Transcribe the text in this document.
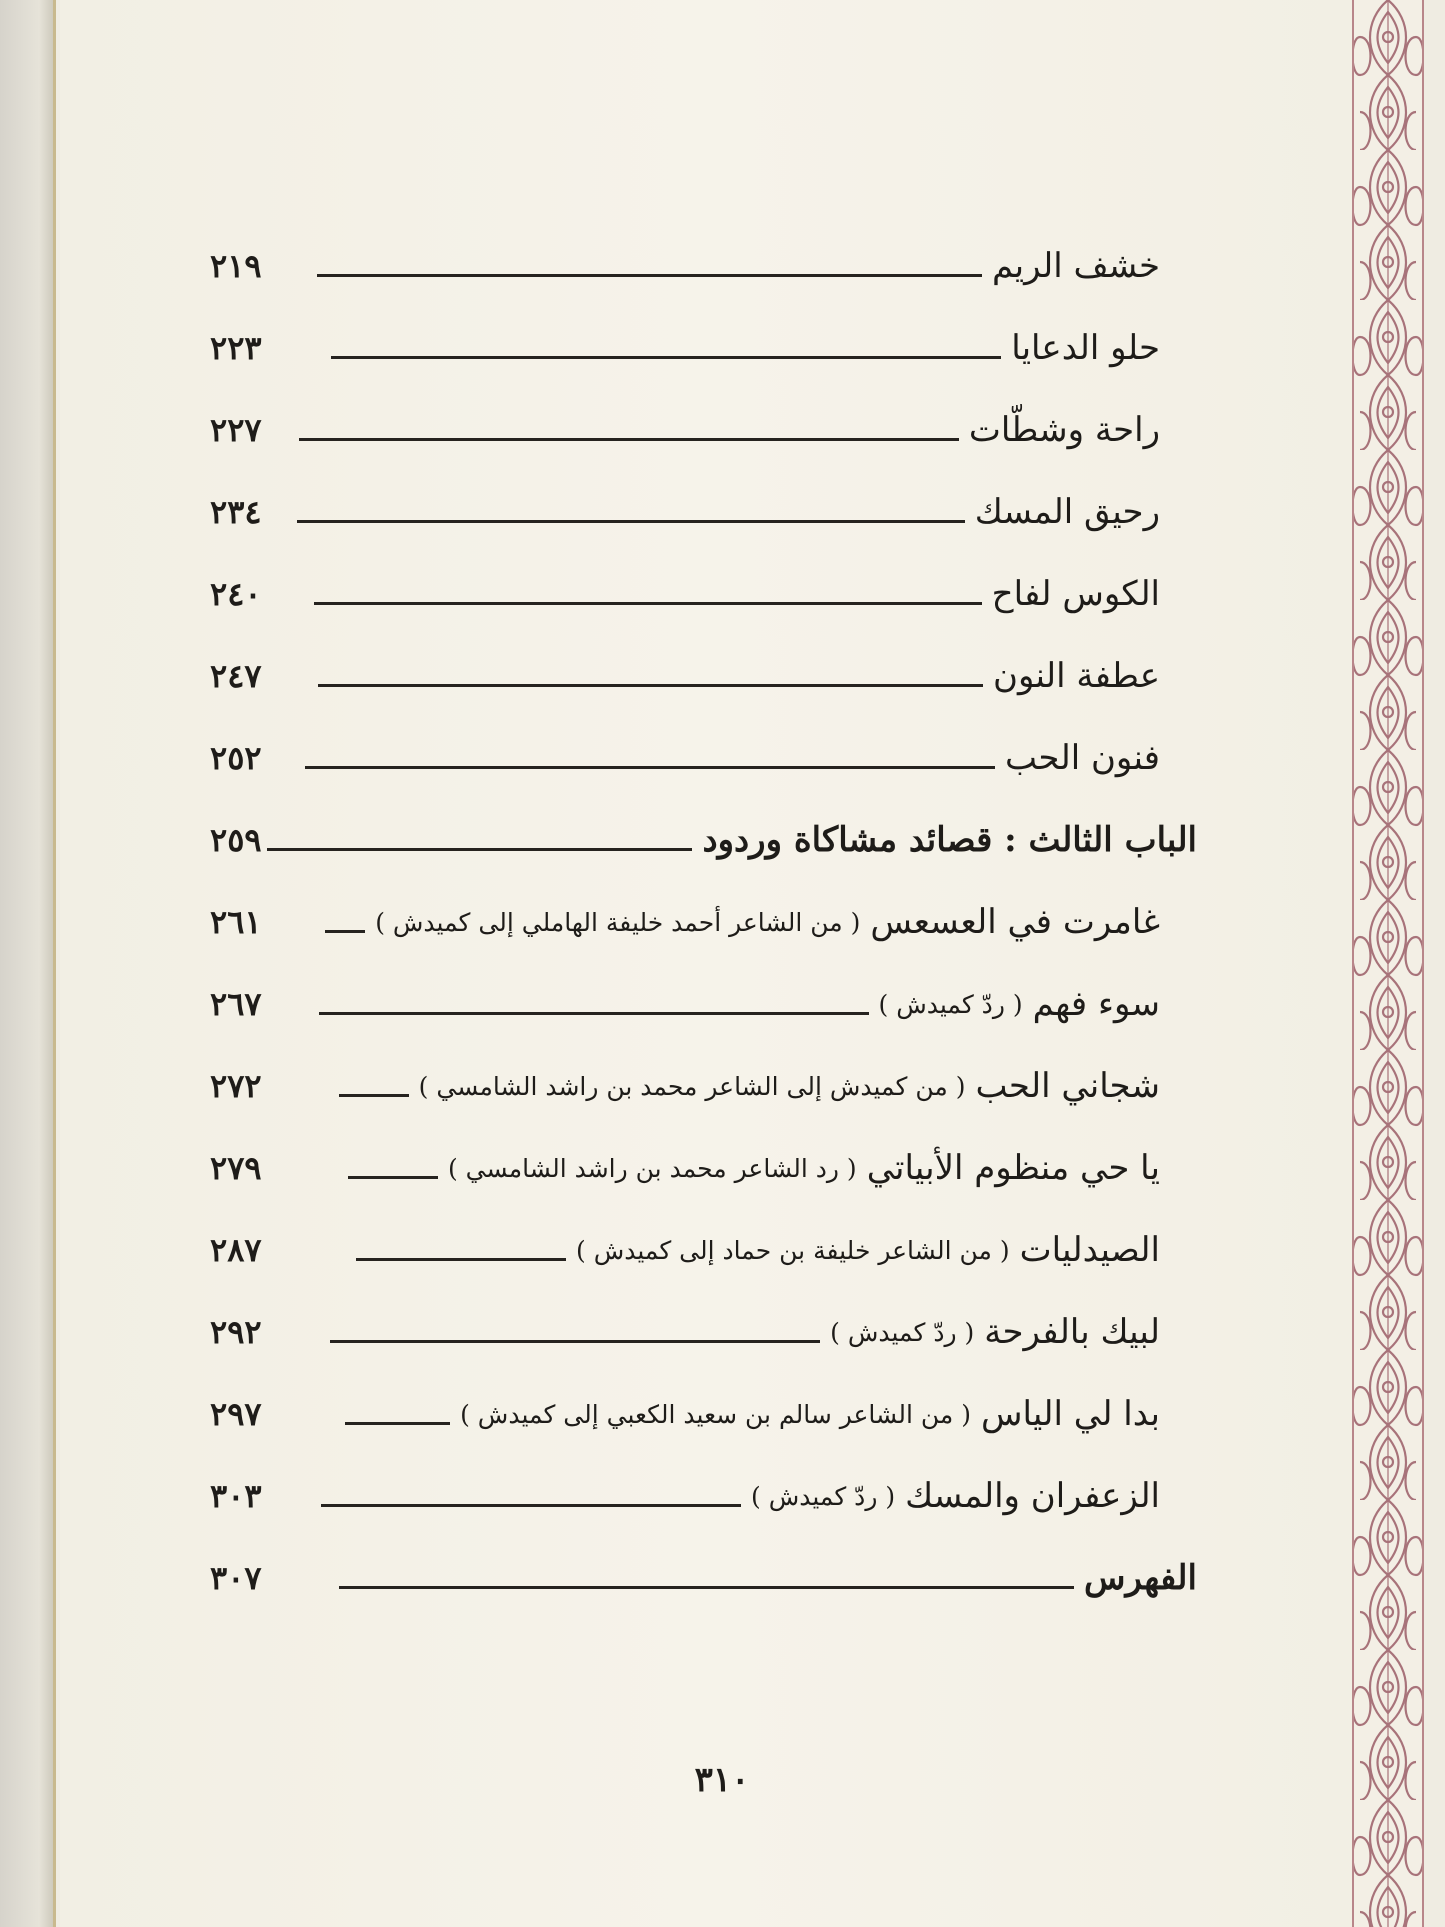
خشف الريم
٢١٩
حلو الدعايا
٢٢٣
راحة وشطّات
٢٢٧
رحيق المسك
٢٣٤
الكوس لفاح
٢٤٠
عطفة النون
٢٤٧
فنون الحب
٢٥٢
الباب الثالث : قصائد مشاكاة وردود
٢٥٩
غامرت في العسعس
( من الشاعر أحمد خليفة الهاملي إلى كميدش )
٢٦١
سوء فهم
( ردّ كميدش )
٢٦٧
شجاني الحب
( من كميدش إلى الشاعر محمد بن راشد الشامسي )
٢٧٢
يا حي منظوم الأبياتي
( رد الشاعر محمد بن راشد الشامسي )
٢٧٩
الصيدليات
( من الشاعر خليفة بن حماد إلى كميدش )
٢٨٧
لبيك بالفرحة
( ردّ كميدش )
٢٩٢
بدا لي الياس
( من الشاعر سالم بن سعيد الكعبي إلى كميدش )
٢٩٧
الزعفران والمسك
( ردّ كميدش )
٣٠٣
الفهرس
٣٠٧
٣١٠
